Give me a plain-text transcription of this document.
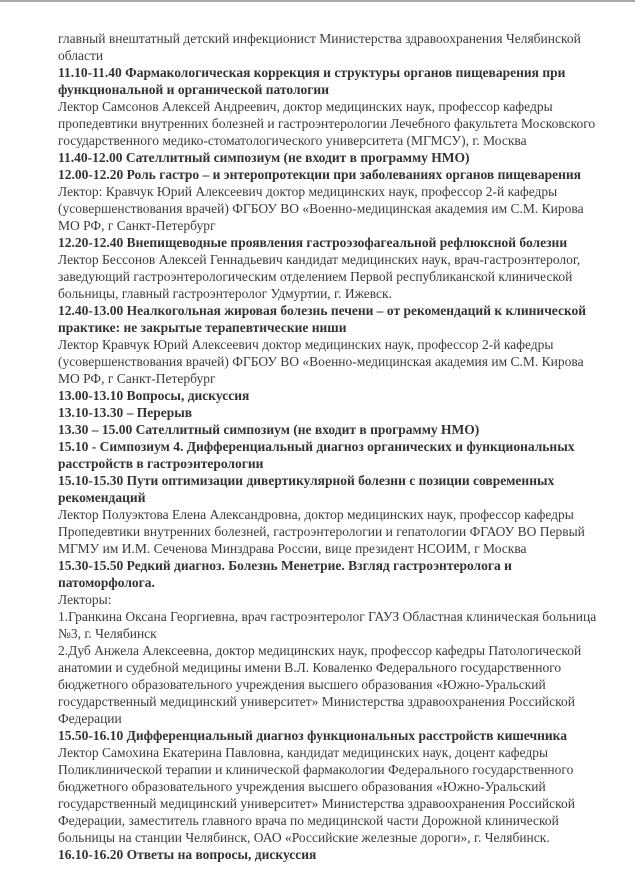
главный внештатный детский инфекционист Министерства здравоохранения Челябинской области

11.10-11.40 Фармакологическая коррекция и структуры органов пищеварения при функциональной и органической патологии

Лектор Самсонов Алексей Андреевич, доктор медицинских наук, профессор кафедры пропедевтики внутренних болезней и гастроэнтерологии Лечебного факультета Московского государственного медико-стоматологического университета (МГМСУ), г. Москва

11.40-12.00 Сателлитный симпозиум (не входит в программу НМО)

12.00-12.20 Роль гастро – и энтеропротекции при заболеваниях органов пищеварения

Лектор: Кравчук Юрий Алексеевич доктор медицинских наук, профессор 2-й кафедры (усовершенствования врачей) ФГБОУ ВО «Военно-медицинская академия им С.М. Кирова МО РФ, г Санкт-Петербург

12.20-12.40 Внепищеводные проявления гастроэзофагеальной рефлюксной болезни

Лектор Бессонов Алексей Геннадьевич кандидат медицинских наук, врач-гастроэнтеролог, заведующий гастроэнтерологическим отделением Первой республиканской клинической больницы, главный гастроэнтеролог Удмуртии, г. Ижевск.

12.40-13.00 Неалкогольная жировая болезнь печени – от рекомендаций к клинической практике: не закрытые терапевтические ниши

Лектор Кравчук Юрий Алексеевич доктор медицинских наук, профессор 2-й кафедры (усовершенствования врачей) ФГБОУ ВО «Военно-медицинская академия им С.М. Кирова МО РФ, г Санкт-Петербург

13.00-13.10 Вопросы, дискуссия

13.10-13.30 – Перерыв

13.30 – 15.00 Сателлитный симпозиум (не входит в программу НМО)

15.10 - Симпозиум 4. Дифференциальный диагноз органических и функциональных расстройств в гастроэнтерологии

15.10-15.30 Пути оптимизации дивертикулярной болезни с позиции современных рекомендаций

Лектор Полуэктова Елена Александровна, доктор медицинских наук, профессор кафедры Пропедевтики внутренних болезней, гастроэнтерологии и гепатологии ФГАОУ ВО Первый МГМУ им И.М. Сеченова Минздрава России, вице президент НСОИМ, г Москва

15.30-15.50 Редкий диагноз. Болезнь Менетрие. Взгляд гастроэнтеролога и патоморфолога.

Лекторы:

1.Гранкина Оксана Георгиевна, врач гастроэнтеролог ГАУЗ Областная клиническая больница №3, г. Челябинск

2.Дуб Анжела Алексеевна, доктор медицинских наук, профессор кафедры Патологической анатомии и судебной медицины имени В.Л. Коваленко Федерального государственного бюджетного образовательного учреждения высшего образования «Южно-Уральский государственный медицинский университет» Министерства здравоохранения Российской Федерации

15.50-16.10 Дифференциальный диагноз функциональных расстройств кишечника

Лектор Самохина Екатерина Павловна, кандидат медицинских наук, доцент кафедры Поликлинической терапии и клинической фармакологии Федерального государственного бюджетного образовательного учреждения высшего образования «Южно-Уральский государственный медицинский университет» Министерства здравоохранения Российской Федерации, заместитель главного врача по медицинской части Дорожной клинической больницы на станции Челябинск, ОАО «Российские железные дороги», г. Челябинск.

16.10-16.20 Ответы на вопросы, дискуссия
